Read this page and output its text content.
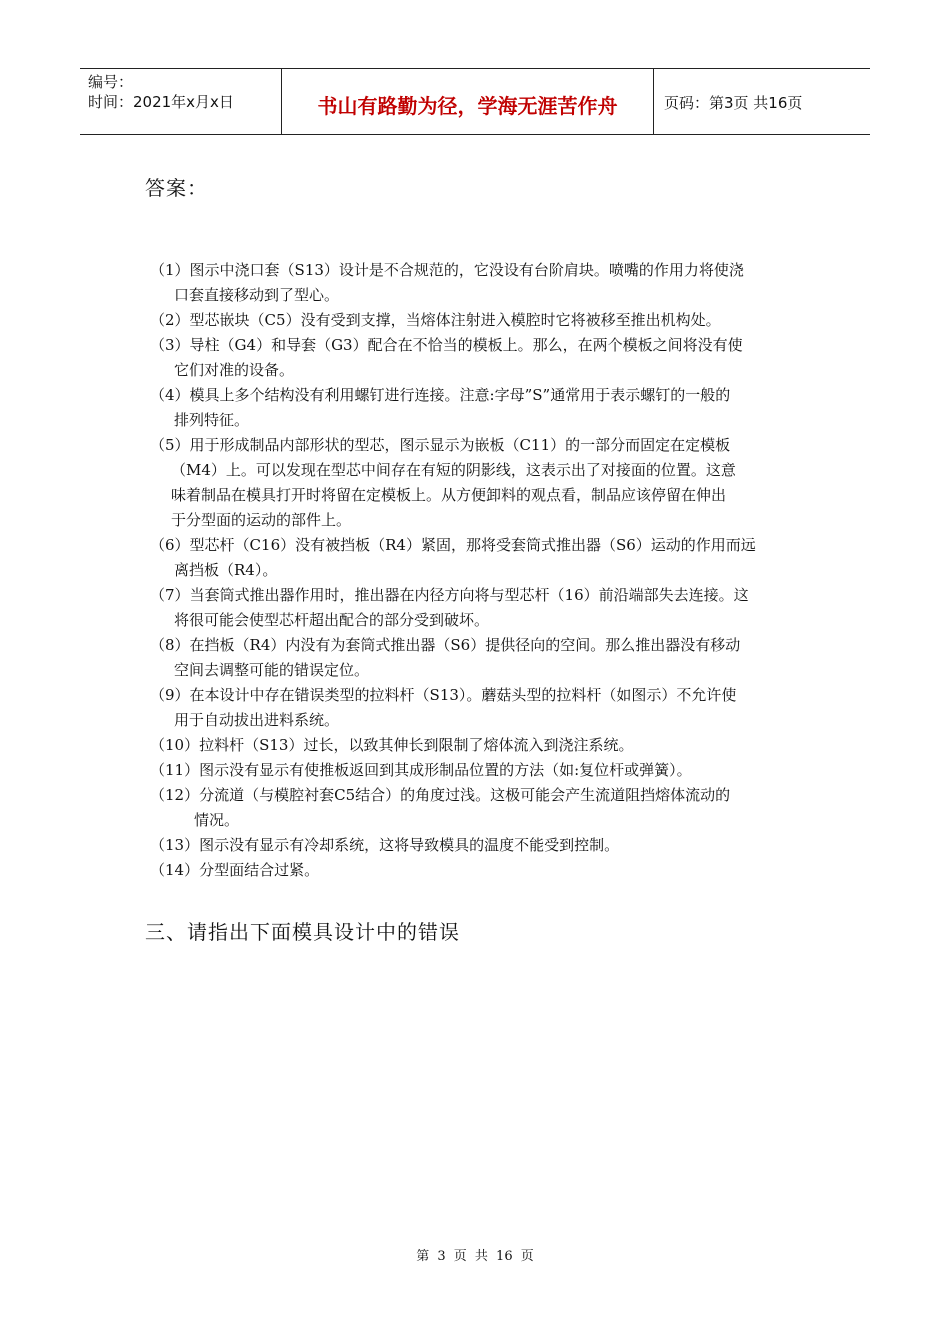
编号：
时间：2021年x月x日	书山有路勤为径，学海无涯苦作舟	页码：第3页 共16页
答案：
（1）图示中浇口套（S13）设计是不合规范的，它没设有台阶肩块。喷嘴的作用力将使浇
口套直接移动到了型心。
（2）型芯嵌块（C5）没有受到支撑，当熔体注射进入模腔时它将被移至推出机构处。
（3）导柱（G4）和导套（G3）配合在不恰当的模板上。那么，在两个模板之间将没有使
它们对准的设备。
（4）模具上多个结构没有利用螺钉进行连接。注意:字母”S”通常用于表示螺钉的一般的
排列特征。
（5）用于形成制品内部形状的型芯，图示显示为嵌板（C11）的一部分而固定在定模板
（M4）上。可以发现在型芯中间存在有短的阴影线，这表示出了对接面的位置。这意
味着制品在模具打开时将留在定模板上。从方便卸料的观点看，制品应该停留在伸出
于分型面的运动的部件上。
（6）型芯杆（C16）没有被挡板（R4）紧固，那将受套筒式推出器（S6）运动的作用而远
离挡板（R4）。
（7）当套筒式推出器作用时，推出器在内径方向将与型芯杆（16）前沿端部失去连接。这
将很可能会使型芯杆超出配合的部分受到破坏。
（8）在挡板（R4）内没有为套筒式推出器（S6）提供径向的空间。那么推出器没有移动
空间去调整可能的错误定位。
（9）在本设计中存在错误类型的拉料杆（S13）。蘑菇头型的拉料杆（如图示）不允许使
用于自动拔出进料系统。
（10）拉料杆（S13）过长，以致其伸长到限制了熔体流入到浇注系统。
（11）图示没有显示有使推板返回到其成形制品位置的方法（如:复位杆或弹簧）。
（12）分流道（与模腔衬套C5结合）的角度过浅。这极可能会产生流道阻挡熔体流动的
情况。
（13）图示没有显示有冷却系统，这将导致模具的温度不能受到控制。
（14）分型面结合过紧。
三、请指出下面模具设计中的错误
第 3 页 共 16 页
